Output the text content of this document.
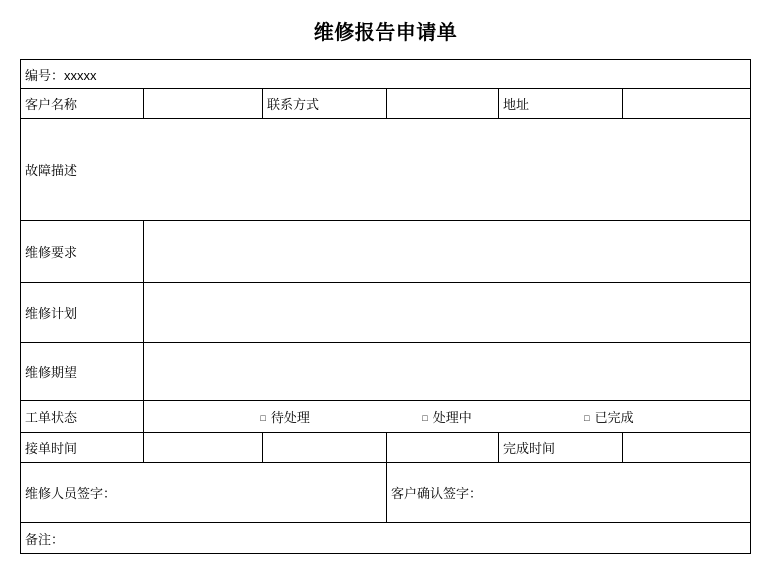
维修报告申请单
编号：xxxxx					
客户名称		联系方式		地址	
故障描述					
维修要求					
维修计划					
维修期望					
工单状态	□ 待处理 □ 处理中 □ 已完成				

接单时间				完成时间	
维修人员签字：			客户确认签字：		
备注：					
